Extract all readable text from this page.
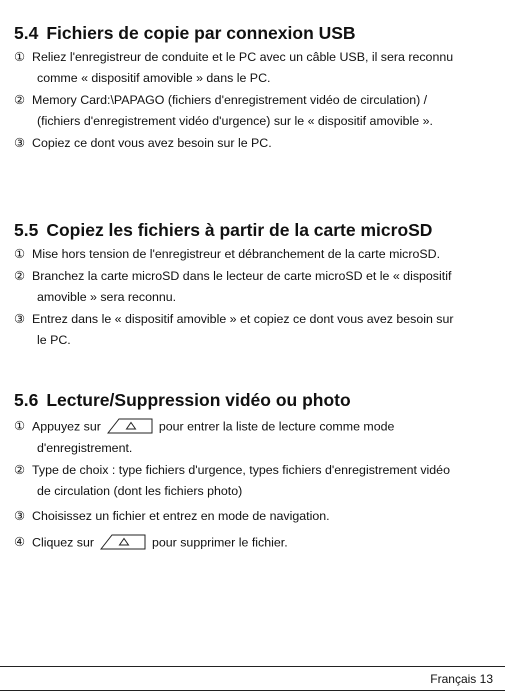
5.4 Fichiers de copie par connexion USB

① Reliez l'enregistreur de conduite et le PC avec un câble USB, il sera reconnu
comme « dispositif amovible » dans le PC.

② Memory Card:\PAPAGO (fichiers d'enregistrement vidéo de circulation) /
(fichiers d'enregistrement vidéo d'urgence) sur le « dispositif amovible ».

③ Copiez ce dont vous avez besoin sur le PC.

5.5 Copiez les fichiers à partir de la carte microSD

① Mise hors tension de l'enregistreur et débranchement de la carte microSD.

② Branchez la carte microSD dans le lecteur de carte microSD et le « dispositif
amovible » sera reconnu.

③ Entrez dans le « dispositif amovible » et copiez ce dont vous avez besoin sur
le PC.

5.6 Lecture/Suppression vidéo ou photo

① Appuyez sur	pour entrer la liste de lecture comme mode
d'enregistrement.

② Type de choix : type fichiers d'urgence, types fichiers d'enregistrement vidéo
de circulation (dont les fichiers photo)

③ Choisissez un fichier et entrez en mode de navigation.

④ Cliquez sur	pour supprimer le fichier.

Français 13
